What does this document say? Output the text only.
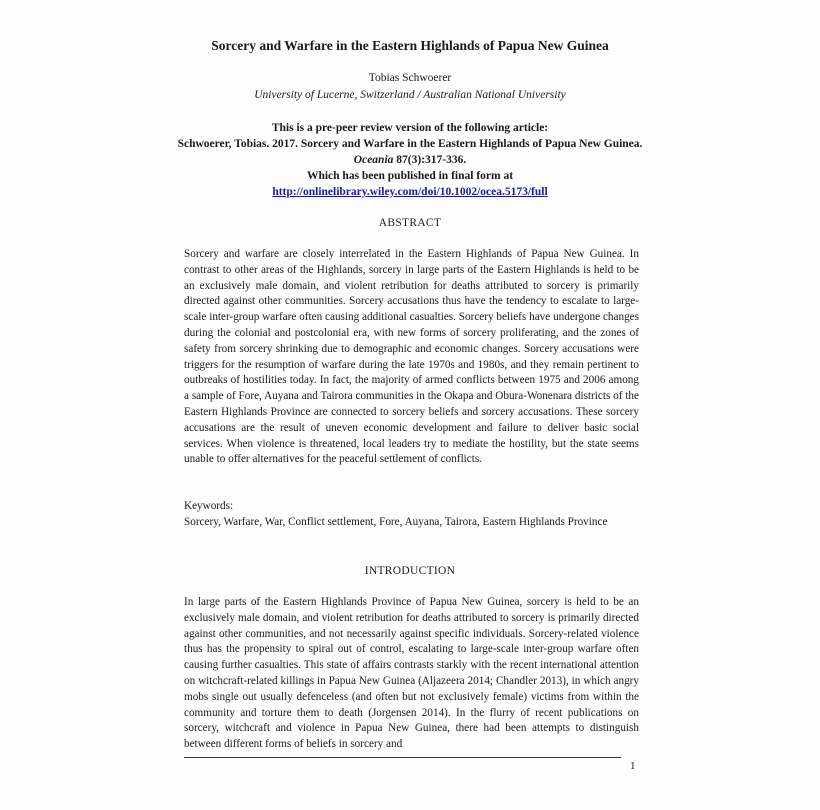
Sorcery and Warfare in the Eastern Highlands of Papua New Guinea
Tobias Schwoerer
University of Lucerne, Switzerland / Australian National University
This is a pre-peer review version of the following article:
Schwoerer, Tobias. 2017. Sorcery and Warfare in the Eastern Highlands of Papua New Guinea. Oceania 87(3):317-336.
Which has been published in final form at
http://onlinelibrary.wiley.com/doi/10.1002/ocea.5173/full
ABSTRACT
Sorcery and warfare are closely interrelated in the Eastern Highlands of Papua New Guinea. In contrast to other areas of the Highlands, sorcery in large parts of the Eastern Highlands is held to be an exclusively male domain, and violent retribution for deaths attributed to sorcery is primarily directed against other communities. Sorcery accusations thus have the tendency to escalate to large-scale inter-group warfare often causing additional casualties. Sorcery beliefs have undergone changes during the colonial and postcolonial era, with new forms of sorcery proliferating, and the zones of safety from sorcery shrinking due to demographic and economic changes. Sorcery accusations were triggers for the resumption of warfare during the late 1970s and 1980s, and they remain pertinent to outbreaks of hostilities today. In fact, the majority of armed conflicts between 1975 and 2006 among a sample of Fore, Auyana and Tairora communities in the Okapa and Obura-Wonenara districts of the Eastern Highlands Province are connected to sorcery beliefs and sorcery accusations. These sorcery accusations are the result of uneven economic development and failure to deliver basic social services. When violence is threatened, local leaders try to mediate the hostility, but the state seems unable to offer alternatives for the peaceful settlement of conflicts.
Keywords:
Sorcery, Warfare, War, Conflict settlement, Fore, Auyana, Tairora, Eastern Highlands Province
INTRODUCTION
In large parts of the Eastern Highlands Province of Papua New Guinea, sorcery is held to be an exclusively male domain, and violent retribution for deaths attributed to sorcery is primarily directed against other communities, and not necessarily against specific individuals. Sorcery-related violence thus has the propensity to spiral out of control, escalating to large-scale inter-group warfare often causing further casualties. This state of affairs contrasts starkly with the recent international attention on witchcraft-related killings in Papua New Guinea (Aljazeera 2014; Chandler 2013), in which angry mobs single out usually defenceless (and often but not exclusively female) victims from within the community and torture them to death (Jorgensen 2014). In the flurry of recent publications on sorcery, witchcraft and violence in Papua New Guinea, there had been attempts to distinguish between different forms of beliefs in sorcery and
1
